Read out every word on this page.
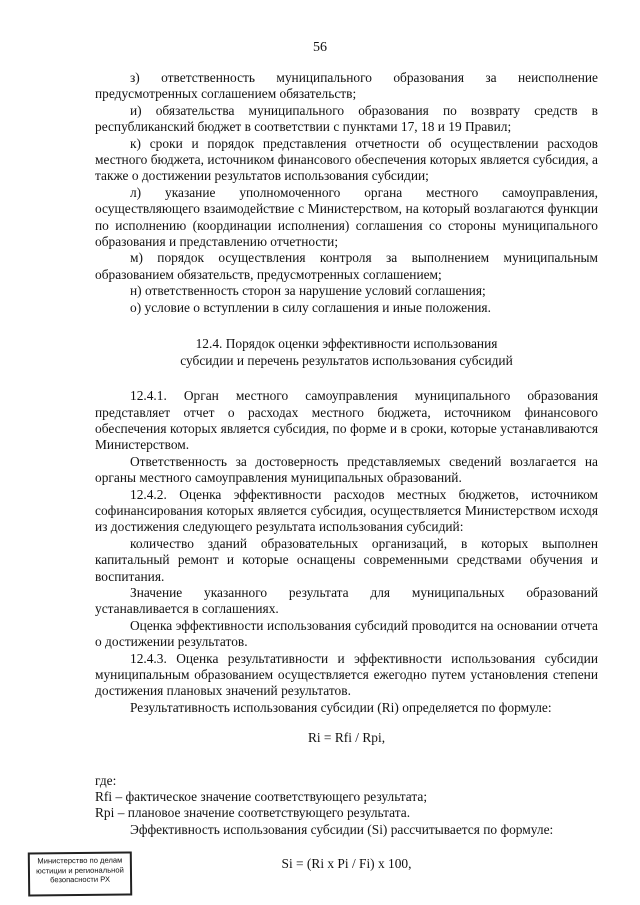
56

з) ответственность муниципального образования за неисполнение предусмотренных соглашением обязательств;

и) обязательства муниципального образования по возврату средств в республиканский бюджет в соответствии с пунктами 17, 18 и 19 Правил;

к) сроки и порядок представления отчетности об осуществлении расходов местного бюджета, источником финансового обеспечения которых является субсидия, а также о достижении результатов использования субсидии;

л) указание уполномоченного органа местного самоуправления, осуществляющего взаимодействие с Министерством, на который возлагаются функции по исполнению (координации исполнения) соглашения со стороны муниципального образования и представлению отчетности;

м) порядок осуществления контроля за выполнением муниципальным образованием обязательств, предусмотренных соглашением;

н) ответственность сторон за нарушение условий соглашения;

о) условие о вступлении в силу соглашения и иные положения.

12.4. Порядок оценки эффективности использования
субсидии и перечень результатов использования субсидий

12.4.1. Орган местного самоуправления муниципального образования представляет отчет о расходах местного бюджета, источником финансового обеспечения которых является субсидия, по форме и в сроки, которые устанавливаются Министерством.

Ответственность за достоверность представляемых сведений возлагается на органы местного самоуправления муниципальных образований.

12.4.2. Оценка эффективности расходов местных бюджетов, источником софинансирования которых является субсидия, осуществляется Министерством исходя из достижения следующего результата использования субсидий:

количество зданий образовательных организаций, в которых выполнен капитальный ремонт и которые оснащены современными средствами обучения и воспитания.

Значение указанного результата для муниципальных образований устанавливается в соглашениях.

Оценка эффективности использования субсидий проводится на основании отчета о достижении результатов.

12.4.3. Оценка результативности и эффективности использования субсидии муниципальным образованием осуществляется ежегодно путем установления степени достижения плановых значений результатов.

Результативность использования субсидии (Ri) определяется по формуле:

Ri = Rfi / Rpi,

где:

Rfi – фактическое значение соответствующего результата;

Rpi – плановое значение соответствующего результата.

Эффективность использования субсидии (Si) рассчитывается по формуле:

Si = (Ri x Pi / Fi) x 100,
Министерство по делам
юстиции и региональной
безопасности РХ
